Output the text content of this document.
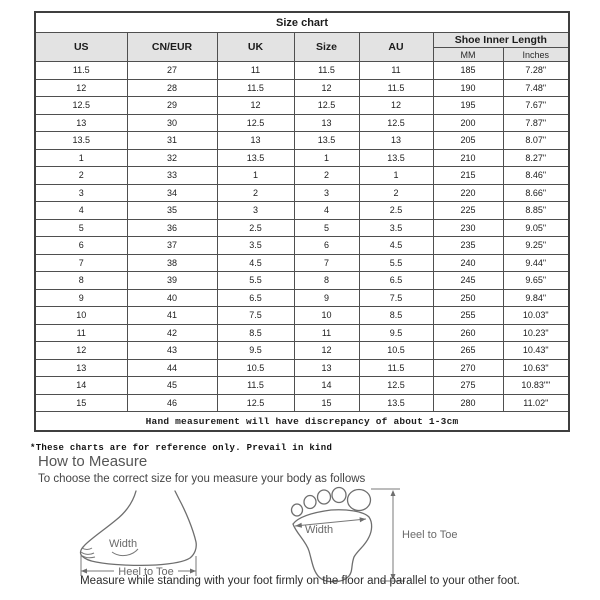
Size chart						
US	CN/EUR	UK	Size	AU	Shoe Inner Length	
					MM	Inches
11.5	27	11	11.5	11	185	7.28"
12	28	11.5	12	11.5	190	7.48"
12.5	29	12	12.5	12	195	7.67"
13	30	12.5	13	12.5	200	7.87"
13.5	31	13	13.5	13	205	8.07"
1	32	13.5	1	13.5	210	8.27"
2	33	1	2	1	215	8.46"
3	34	2	3	2	220	8.66"
4	35	3	4	2.5	225	8.85"
5	36	2.5	5	3.5	230	9.05"
6	37	3.5	6	4.5	235	9.25"
7	38	4.5	7	5.5	240	9.44"
8	39	5.5	8	6.5	245	9.65"
9	40	6.5	9	7.5	250	9.84"
10	41	7.5	10	8.5	255	10.03"
11	42	8.5	11	9.5	260	10.23"
12	43	9.5	12	10.5	265	10.43"
13	44	10.5	13	11.5	270	10.63"
14	45	11.5	14	12.5	275	10.83""
15	46	12.5	15	13.5	280	11.02"
Hand measurement will have discrepancy of about 1-3cm						
*These charts are for reference only. Prevail in kind
How to Measure
To choose the correct size for you measure your body as follows
Width
Heel to Toe
Width	Heel to Toe
Measure while standing with your foot firmly on the floor and parallel to your other foot.
